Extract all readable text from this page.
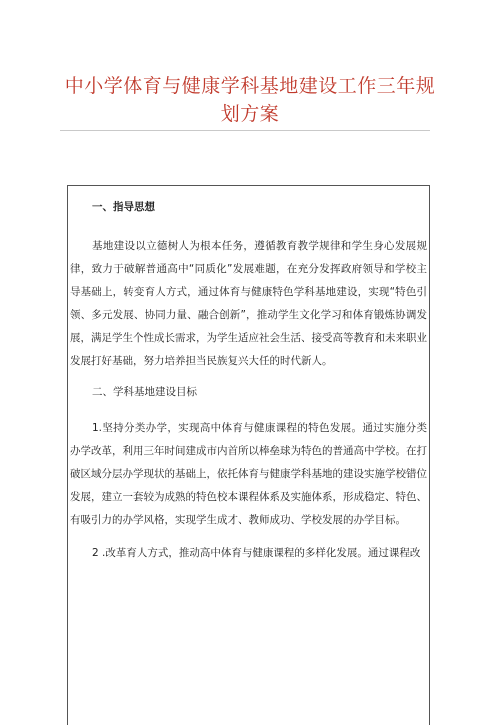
中小学体育与健康学科基地建设工作三年规划方案

一、指导思想

基地建设以立德树人为根本任务，遵循教育教学规律和学生身心发展规律，致力于破解普通高中“同质化”发展难题，在充分发挥政府领导和学校主导基础上，转变育人方式，通过体育与健康特色学科基地建设，实现“特色引领、多元发展、协同力量、融合创新”，推动学生文化学习和体育锻炼协调发展，满足学生个性成长需求，为学生适应社会生活、接受高等教育和未来职业发展打好基础，努力培养担当民族复兴大任的时代新人。

二、学科基地建设目标

1.坚持分类办学，实现高中体育与健康课程的特色发展。通过实施分类办学改革，利用三年时间建成市内首所以棒垒球为特色的普通高中学校。在打破区域分层办学现状的基础上，依托体育与健康学科基地的建设实施学校错位发展，建立一套较为成熟的特色校本课程体系及实施体系，形成稳定、特色、有吸引力的办学风格，实现学生成才、教师成功、学校发展的办学目标。

2 .改革育人方式，推动高中体育与健康课程的多样化发展。通过课程改
